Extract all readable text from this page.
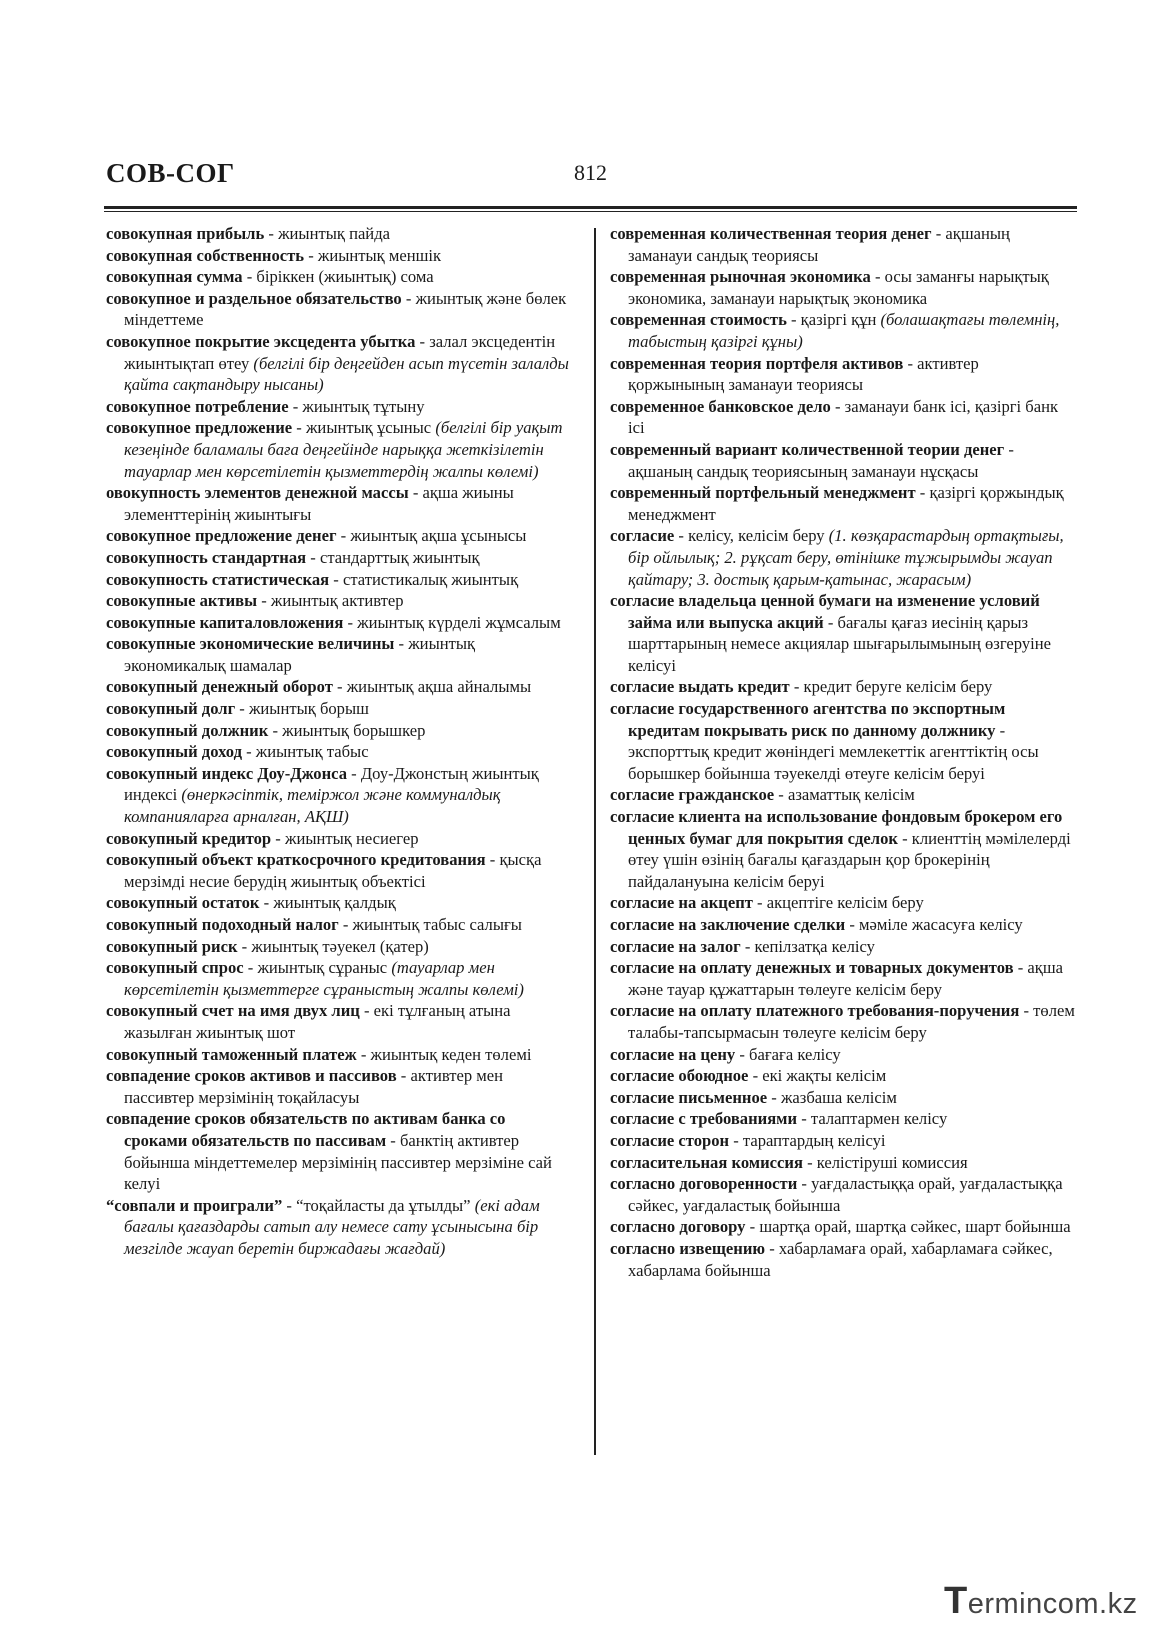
СОВ-СОГ	812
совокупная прибыль - жиынтық пайда
совокупная собственность - жиынтық меншік
совокупная сумма - біріккен (жиынтық) сома
совокупное и раздельное обязательство - жиынтық және бөлек міндеттеме
совокупное покрытие эксцедента убытка - залал эксцедентін жиынтықтап өтеу (белгілі бір деңгейден асып түсетін залалды қайта сақтандыру нысаны)
совокупное потребление - жиынтық тұтыну
совокупное предложение - жиынтық ұсыныс (белгілі бір уақыт кезеңінде баламалы баға деңгейінде нарыққа жеткізілетін тауарлар мен көрсетілетін қызметтердің жалпы көлемі)
овокупность элементов денежной массы - ақша жиыны элементтерінің жиынтығы
совокупное предложение денег - жиынтық ақша ұсынысы
совокупность стандартная - стандарттық жиынтық
совокупность статистическая - статистикалық жиынтық
совокупные активы - жиынтық активтер
совокупные капиталовложения - жиынтық күрделі жұмсалым
совокупные экономические величины - жиынтық экономикалық шамалар
совокупный денежный оборот - жиынтық ақша айналымы
совокупный долг - жиынтық борыш
совокупный должник - жиынтық борышкер
совокупный доход - жиынтық табыс
совокупный индекс Доу-Джонса - Доу-Джонстың жиынтық индексі (өнеркәсіптік, теміржол және коммуналдық компанияларға арналған, АҚШ)
совокупный кредитор - жиынтық несиегер
совокупный объект краткосрочного кредитования - қысқа мерзімді несие берудің жиынтық объектісі
совокупный остаток - жиынтық қалдық
совокупный подоходный налог - жиынтық табыс салығы
совокупный риск - жиынтық тәуекел (қатер)
совокупный спрос - жиынтық сұраныс (тауарлар мен көрсетілетін қызметтерге сұраныстың жалпы көлемі)
совокупный счет на имя двух лиц - екі тұлғаның атына жазылған жиынтық шот
совокупный таможенный платеж - жиынтық кеден төлемі
совпадение сроков активов и пассивов - активтер мен пассивтер мерзімінің тоқайласуы
совпадение сроков обязательств по активам банка со сроками обязательств по пассивам - банктің активтер бойынша міндеттемелер мерзімінің пассивтер мерзіміне сай келуі
“совпали и проиграли” - “тоқайласты да ұтылды” (екі адам бағалы қағаздарды сатып алу немесе сату ұсынысына бір мезгілде жауап беретін биржадағы жағдай)
современная количественная теория денег - ақшаның заманауи сандық теориясы
современная рыночная экономика - осы заманғы нарықтық экономика, заманауи нарықтық экономика
современная стоимость - қазіргі құн (болашақтағы төлемнің, табыстың қазіргі құны)
современная теория портфеля активов - активтер қоржынының заманауи теориясы
современное банковское дело - заманауи банк ісі, қазіргі банк ісі
современный вариант количественной теории денег - ақшаның сандық теориясының заманауи нұсқасы
современный портфельный менеджмент - қазіргі қоржындық менеджмент
согласие - келісу, келісім беру (1. көзқарастардың ортақтығы, бір ойлылық; 2. рұқсат беру, өтінішке тұжырымды жауап қайтару; 3. достық қарым-қатынас, жарасым)
согласие владельца ценной бумаги на изменение условий займа или выпуска акций - бағалы қағаз иесінің қарыз шарттарының немесе акциялар шығарылымының өзгеруіне келісуі
согласие выдать кредит - кредит беруге келісім беру
согласие государственного агентства по экспортным кредитам покрывать риск по данному должнику - экспорттық кредит жөніндегі мемлекеттік агенттіктің осы борышкер бойынша тәуекелді өтеуге келісім беруі
согласие гражданское - азаматтық келісім
согласие клиента на использование фондовым брокером его ценных бумаг для покрытия сделок - клиенттің мәмілелерді өтеу үшін өзінің бағалы қағаздарын қор брокерінің пайдалануына келісім беруі
согласие на акцепт - акцептіге келісім беру
согласие на заключение сделки - мәміле жасасуға келісу
согласие на залог - кепілзатқа келісу
согласие на оплату денежных и товарных документов - ақша және тауар құжаттарын төлеуге келісім беру
согласие на оплату платежного требования-поручения - төлем талабы-тапсырмасын төлеуге келісім беру
согласие на цену - бағаға келісу
согласие обоюдное - екі жақты келісім
согласие письменное - жазбаша келісім
согласие с требованиями - талаптармен келісу
согласие сторон - тараптардың келісуі
согласительная комиссия - келістіруші комиссия
согласно договоренности - уағдаластыққа орай, уағдаластыққа сәйкес, уағдаластық бойынша
согласно договору - шартқа орай, шартқа сәйкес, шарт бойынша
согласно извещению - хабарламаға орай, хабарламаға сәйкес, хабарлама бойынша
Termincom.kz
